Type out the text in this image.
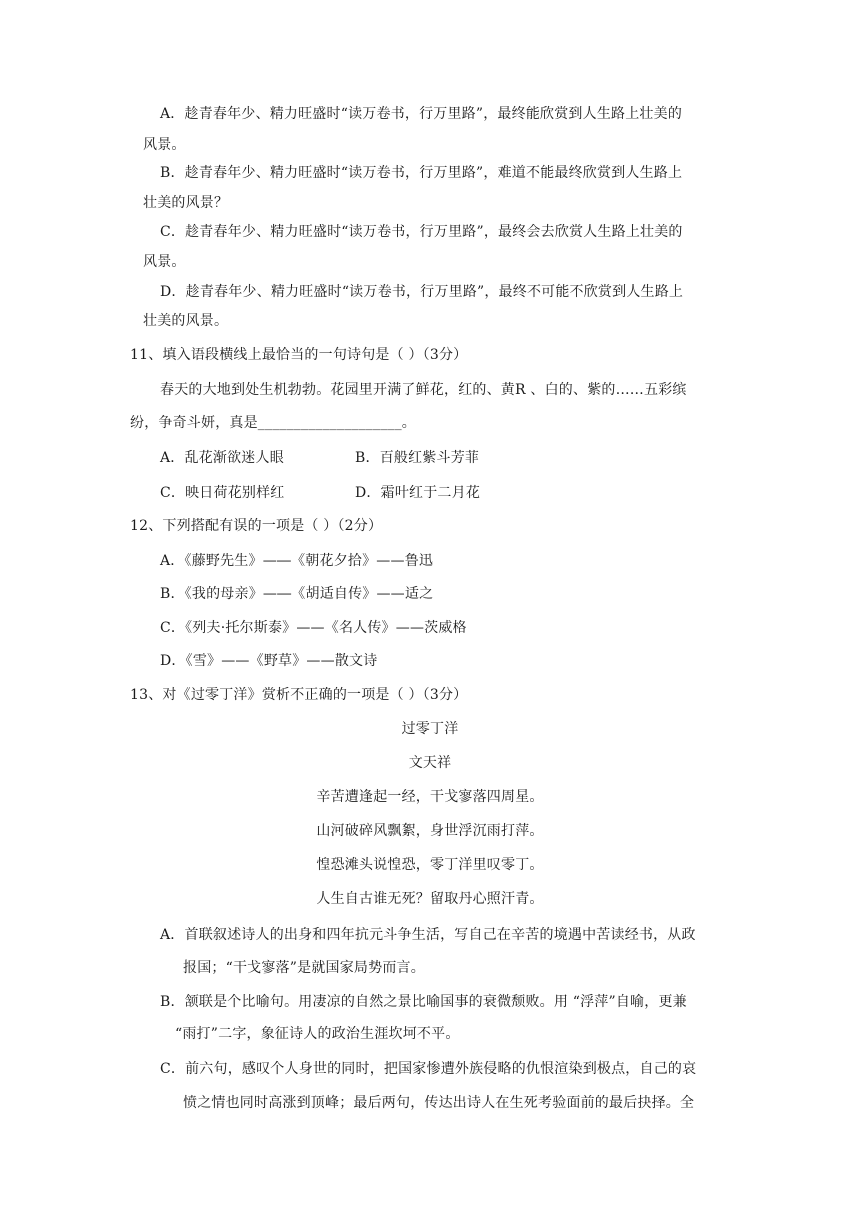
A．趁青春年少、精力旺盛时“读万卷书，行万里路”，最终能欣赏到人生路上壮美的
风景。
B．趁青春年少、精力旺盛时“读万卷书，行万里路”，难道不能最终欣赏到人生路上
壮美的风景？
C．趁青春年少、精力旺盛时“读万卷书，行万里路”，最终会去欣赏人生路上壮美的
风景。
D．趁青春年少、精力旺盛时“读万卷书，行万里路”，最终不可能不欣赏到人生路上
壮美的风景。
11、填入语段横线上最恰当的一句诗句是（ ）（3分）
春天的大地到处生机勃勃。花园里开满了鲜花，红的、黄R 、白的、紫的……五彩缤
纷，争奇斗妍，真是____________________。
A．乱花渐欲迷人眼	B．百般红紫斗芳菲
C．映日荷花别样红	D．霜叶红于二月花
12、下列搭配有误的一项是（ ）（2分）
A．《藤野先生》—―《朝花夕拾》——鲁迅
B．《我的母亲》—―《胡适自传》——适之
C．《列夫·托尔斯泰》——《名人传》——茨威格
D．《雪》——《野草》——散文诗
13、对《过零丁洋》赏析不正确的一项是（ ）（3分）
过零丁洋
文天祥
辛苦遭逢起一经，干戈寥落四周星。
山河破碎风飘絮，身世浮沉雨打萍。
惶恐滩头说惶恐，零丁洋里叹零丁。
人生自古谁无死？留取丹心照汗青。
A．首联叙述诗人的出身和四年抗元斗争生活，写自己在辛苦的境遇中苦读经书，从政
报国；“干戈寥落”是就国家局势而言。
B．颔联是个比喻句。用凄凉的自然之景比喻国事的衰微颓败。用 “浮萍”自喻，更兼
“雨打”二字，象征诗人的政治生涯坎坷不平。
C．前六句，感叹个人身世的同时，把国家惨遭外族侵略的仇恨渲染到极点，自己的哀
愤之情也同时高涨到顶峰；最后两句，传达出诗人在生死考验面前的最后抉择。全
